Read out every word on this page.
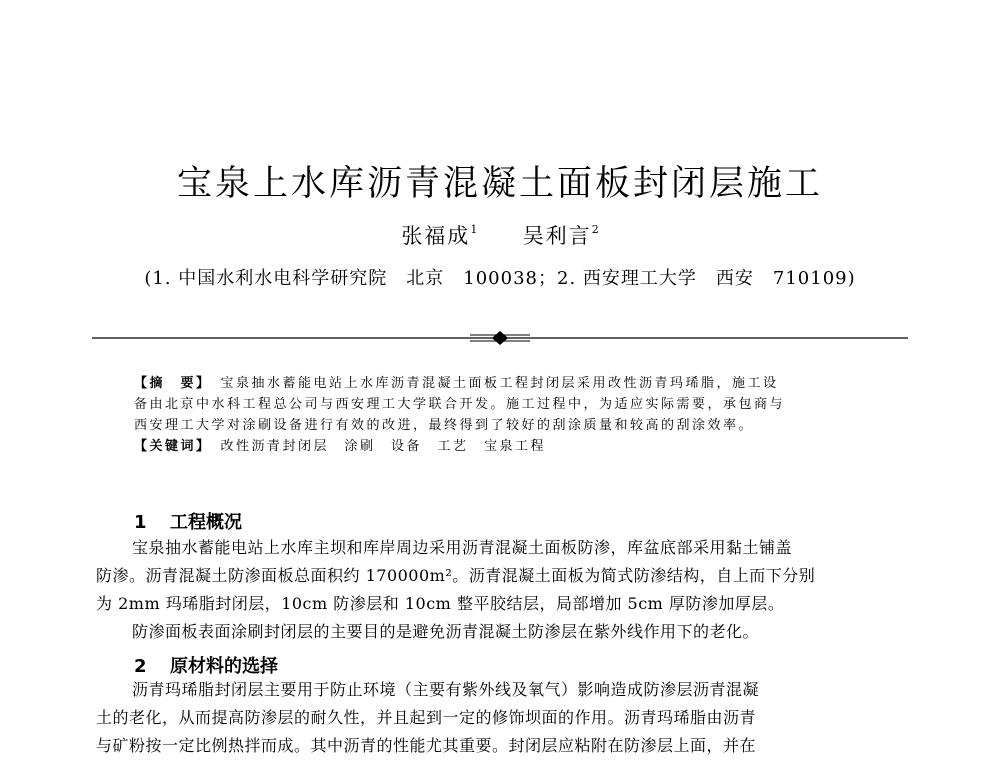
宝泉上水库沥青混凝土面板封闭层施工
张福成$^1$ 吴利言$^2$
(1. 中国水利水电科学研究院　北京　100038；2. 西安理工大学　西安　710109)
【摘　要】　 宝泉抽水蓄能电站上水库沥青混凝土面板工程封闭层采用改性沥青玛琋脂，施工设
备由北京中水科工程总公司与西安理工大学联合开发。施工过程中，为适应实际需要，承包商与
西安理工大学对涂刷设备进行有效的改进，最终得到了较好的刮涂质量和较高的刮涂效率。
【关键词】　 改性沥青封闭层　涂刷　设备　工艺　宝泉工程
1 工程概况
宝泉抽水蓄能电站上水库主坝和库岸周边采用沥青混凝土面板防渗，库盆底部采用黏土铺盖
防渗。沥青混凝土防渗面板总面积约 170000m²。沥青混凝土面板为简式防渗结构，自上而下分别
为 2mm 玛琋脂封闭层，10cm 防渗层和 10cm 整平胶结层，局部增加 5cm 厚防渗加厚层。
防渗面板表面涂刷封闭层的主要目的是避免沥青混凝土防渗层在紫外线作用下的老化。
2 原材料的选择
沥青玛琋脂封闭层主要用于防止环境（主要有紫外线及氧气）影响造成防渗层沥青混凝
土的老化，从而提高防渗层的耐久性，并且起到一定的修饰坝面的作用。沥青玛琋脂由沥青
与矿粉按一定比例热拌而成。其中沥青的性能尤其重要。封闭层应粘附在防渗层上面，并在
